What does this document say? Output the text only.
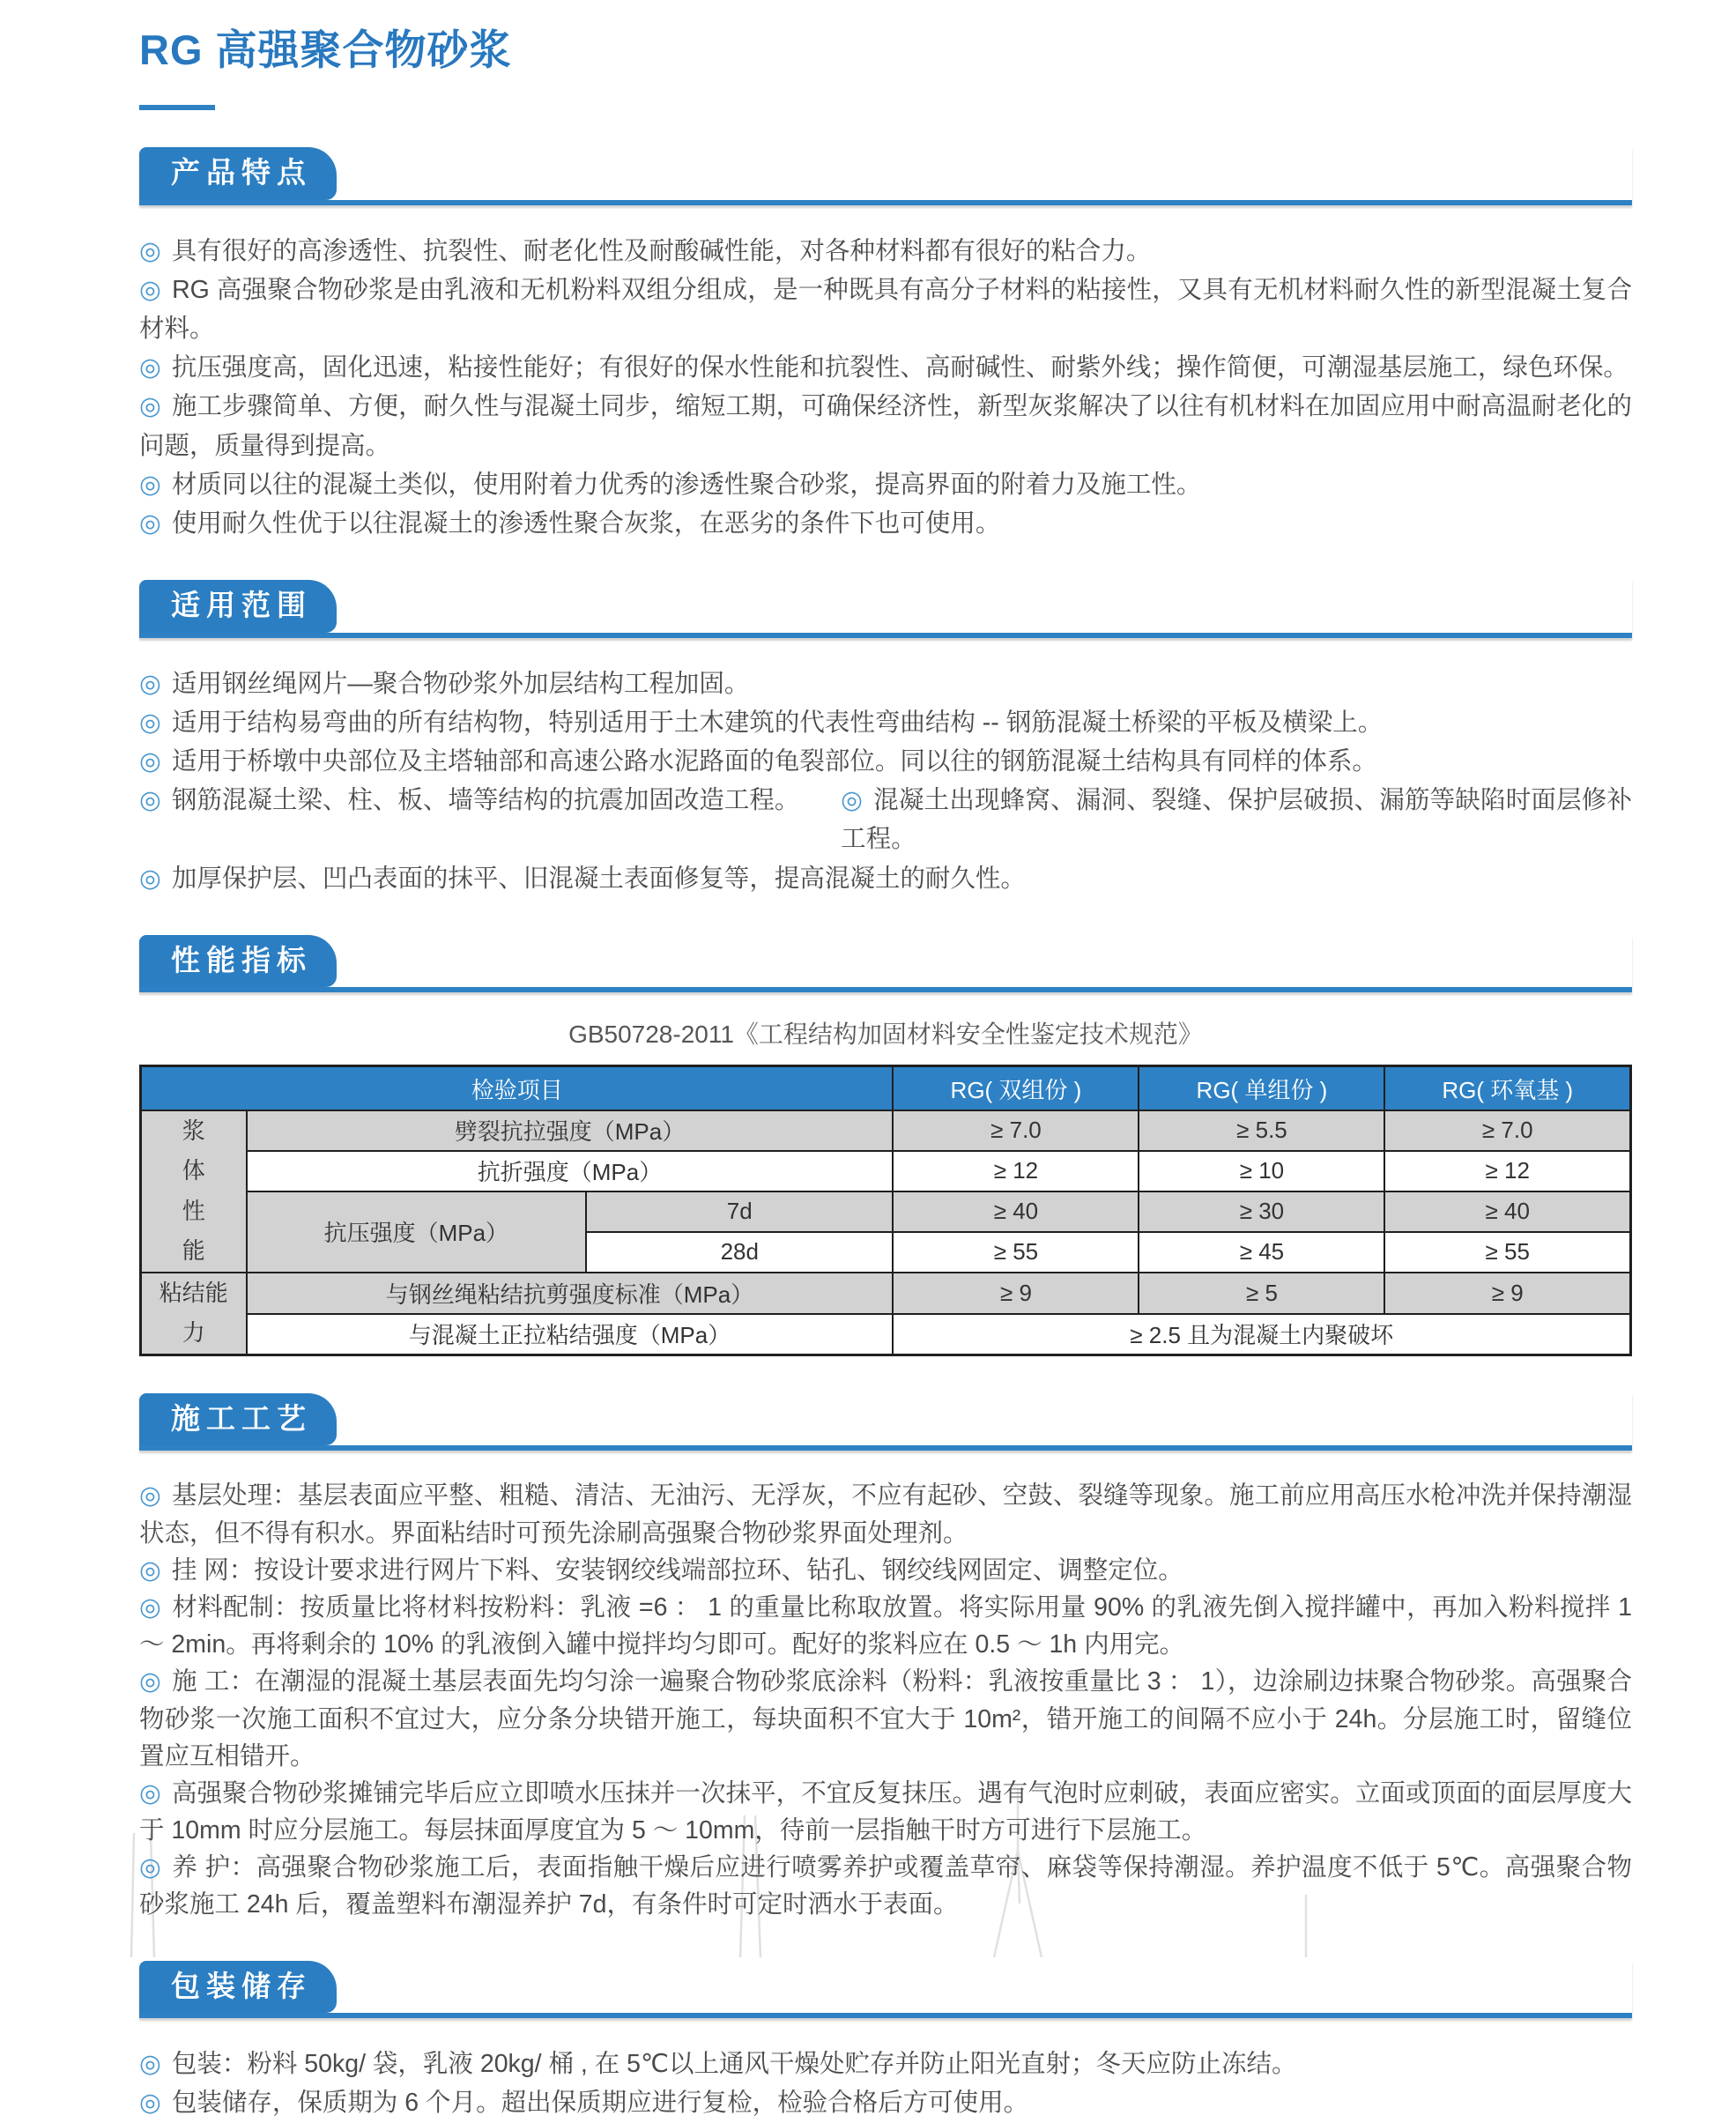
RG 高强聚合物砂浆
产品特点

◎ 具有很好的高渗透性、抗裂性、耐老化性及耐酸碱性能，对各种材料都有很好的粘合力。

◎ RG 高强聚合物砂浆是由乳液和无机粉料双组分组成，是一种既具有高分子材料的粘接性，又具有无机材料耐久性的新型混凝土复合材料。

◎ 抗压强度高，固化迅速，粘接性能好；有很好的保水性能和抗裂性、高耐碱性、耐紫外线；操作简便，可潮湿基层施工，绿色环保。

◎ 施工步骤简单、方便，耐久性与混凝土同步，缩短工期，可确保经济性，新型灰浆解决了以往有机材料在加固应用中耐高温耐老化的问题，质量得到提高。

◎ 材质同以往的混凝土类似，使用附着力优秀的渗透性聚合砂浆，提高界面的附着力及施工性。

◎ 使用耐久性优于以往混凝土的渗透性聚合灰浆，在恶劣的条件下也可使用。

适用范围

◎ 适用钢丝绳网片—聚合物砂浆外加层结构工程加固。

◎ 适用于结构易弯曲的所有结构物，特别适用于土木建筑的代表性弯曲结构 -- 钢筋混凝土桥梁的平板及横梁上。

◎ 适用于桥墩中央部位及主塔轴部和高速公路水泥路面的龟裂部位。同以往的钢筋混凝土结构具有同样的体系。

◎ 钢筋混凝土梁、柱、板、墙等结构的抗震加固改造工程。	◎ 混凝土出现蜂窝、漏洞、裂缝、保护层破损、漏筋等缺陷时面层修补工程。

◎ 加厚保护层、凹凸表面的抹平、旧混凝土表面修复等，提高混凝土的耐久性。

性能指标

GB50728-2011《工程结构加固材料安全性鉴定技术规范》

检验项目			RG( 双组份 )	RG( 单组份 )	RG( 环氧基 )
浆体性能	劈裂抗拉强度（MPa）		≥ 7.0	≥ 5.5	≥ 7.0
	抗折强度（MPa）		≥ 12	≥ 10	≥ 12
	抗压强度（MPa）	7d	≥ 40	≥ 30	≥ 40
		28d	≥ 55	≥ 45	≥ 55
粘结能力	与钢丝绳粘结抗剪强度标准（MPa）		≥ 9	≥ 5	≥ 9
	与混凝土正拉粘结强度（MPa）		≥ 2.5 且为混凝土内聚破坏		
施工工艺

◎ 基层处理：基层表面应平整、粗糙、清洁、无油污、无浮灰，不应有起砂、空鼓、裂缝等现象。施工前应用高压水枪冲洗并保持潮湿状态，但不得有积水。界面粘结时可预先涂刷高强聚合物砂浆界面处理剂。

◎ 挂 网：按设计要求进行网片下料、安装钢绞线端部拉环、钻孔、钢绞线网固定、调整定位。

◎ 材料配制：按质量比将材料按粉料：乳液 =6 ： 1 的重量比称取放置。将实际用量 90% 的乳液先倒入搅拌罐中，再加入粉料搅拌 1 ～ 2min。再将剩余的 10% 的乳液倒入罐中搅拌均匀即可。配好的浆料应在 0.5 ～ 1h 内用完。

◎ 施 工：在潮湿的混凝土基层表面先均匀涂一遍聚合物砂浆底涂料（粉料：乳液按重量比 3 ： 1），边涂刷边抹聚合物砂浆。高强聚合物砂浆一次施工面积不宜过大，应分条分块错开施工，每块面积不宜大于 10m²，错开施工的间隔不应小于 24h。分层施工时，留缝位置应互相错开。

◎ 高强聚合物砂浆摊铺完毕后应立即喷水压抹并一次抹平，不宜反复抹压。遇有气泡时应刺破，表面应密实。立面或顶面的面层厚度大于 10mm 时应分层施工。每层抹面厚度宜为 5 ～ 10mm，待前一层指触干时方可进行下层施工。

◎ 养 护：高强聚合物砂浆施工后，表面指触干燥后应进行喷雾养护或覆盖草帘、麻袋等保持潮湿。养护温度不低于 5℃。高强聚合物砂浆施工 24h 后，覆盖塑料布潮湿养护 7d，有条件时可定时洒水于表面。

包装储存

◎ 包装：粉料 50kg/ 袋，乳液 20kg/ 桶 , 在 5℃以上通风干燥处贮存并防止阳光直射；冬天应防止冻结。

◎ 包装储存，保质期为 6 个月。超出保质期应进行复检，检验合格后方可使用。
